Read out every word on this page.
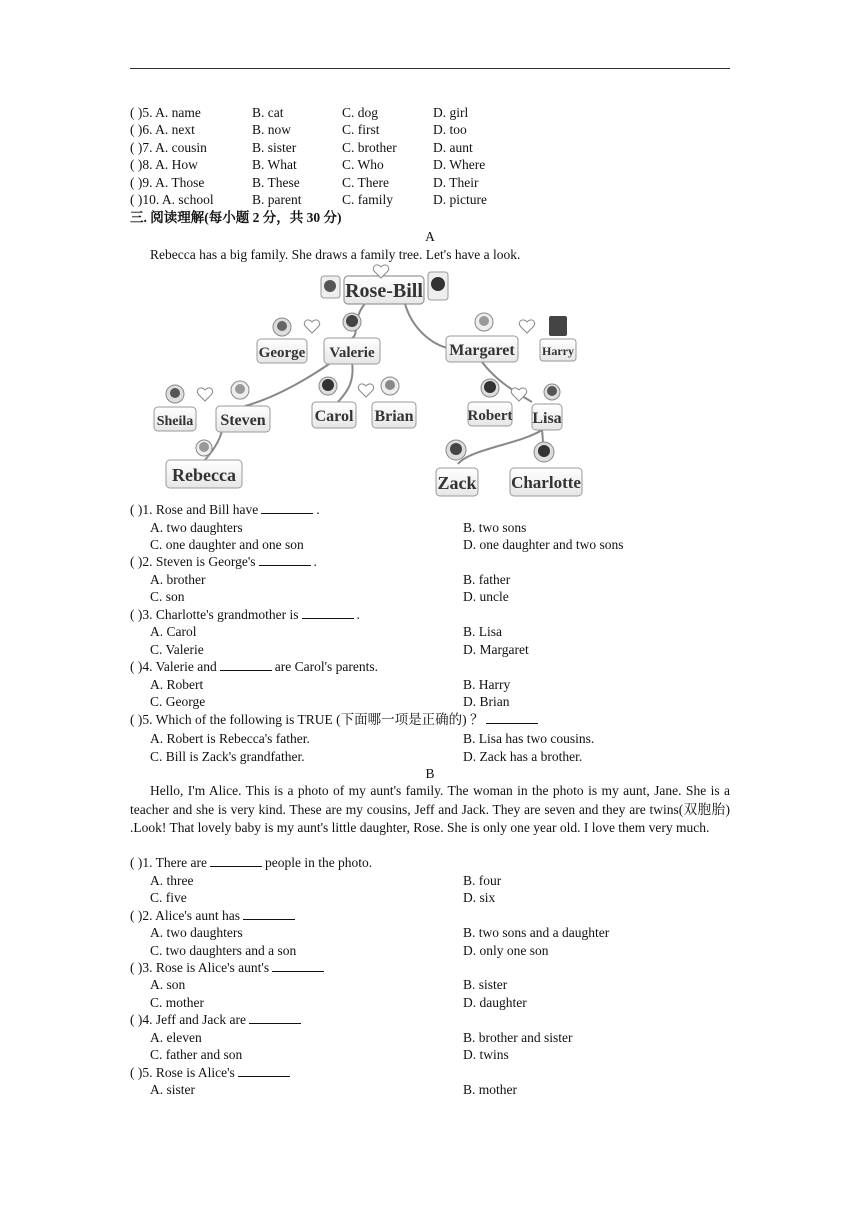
( )5. A. name	B. cat	C. dog	D. girl
( )6. A. next	B. now	C. first	D. too
( )7. A. cousin	B. sister	C. brother	D. aunt
( )8. A. How	B. What	C. Who	D. Where
( )9. A. Those	B. These	C. There	D. Their
( )10. A. school	B. parent	C. family	D. picture
三. 阅读理解(每小题 2 分，共 30 分)
A
Rebecca has a big family. She draws a family tree. Let's have a look.
Rose-Bill
George Valerie	Margaret Harry
Sheila Steven	Carol Brian	Robert Lisa
Rebecca	Zack Charlotte
( )1. Rose and Bill have	.
A. two daughters	B. two sons
C. one daughter and one son	D. one daughter and two sons
( )2. Steven is George's	.
A. brother	B. father
C. son	D. uncle
( )3. Charlotte's grandmother is	.
A. Carol	B. Lisa
C. Valerie	D. Margaret
( )4. Valerie and	are Carol's parents.
A. Robert	B. Harry
C. George	D. Brian
( )5. Which of the following is TRUE (下面哪一项是正确的) ？
A. Robert is Rebecca's father.	B. Lisa has two cousins.
C. Bill is Zack's grandfather.	D. Zack has a brother.
B
Hello, I'm Alice. This is a photo of my aunt's family. The woman in the photo is my aunt, Jane. She is a teacher and she is very kind. These are my cousins, Jeff and Jack. They are seven and they are twins(双胞胎) .Look! That lovely baby is my aunt's little daughter, Rose. She is only one year old. I love them very much.
( )1. There are	people in the photo.
A. three	B. four
C. five	D. six
( )2. Alice's aunt has
A. two daughters	B. two sons and a daughter
C. two daughters and a son	D. only one son
( )3. Rose is Alice's aunt's
A. son	B. sister
C. mother	D. daughter
( )4. Jeff and Jack are
A. eleven	B. brother and sister
C. father and son	D. twins
( )5. Rose is Alice's
A. sister	B. mother
